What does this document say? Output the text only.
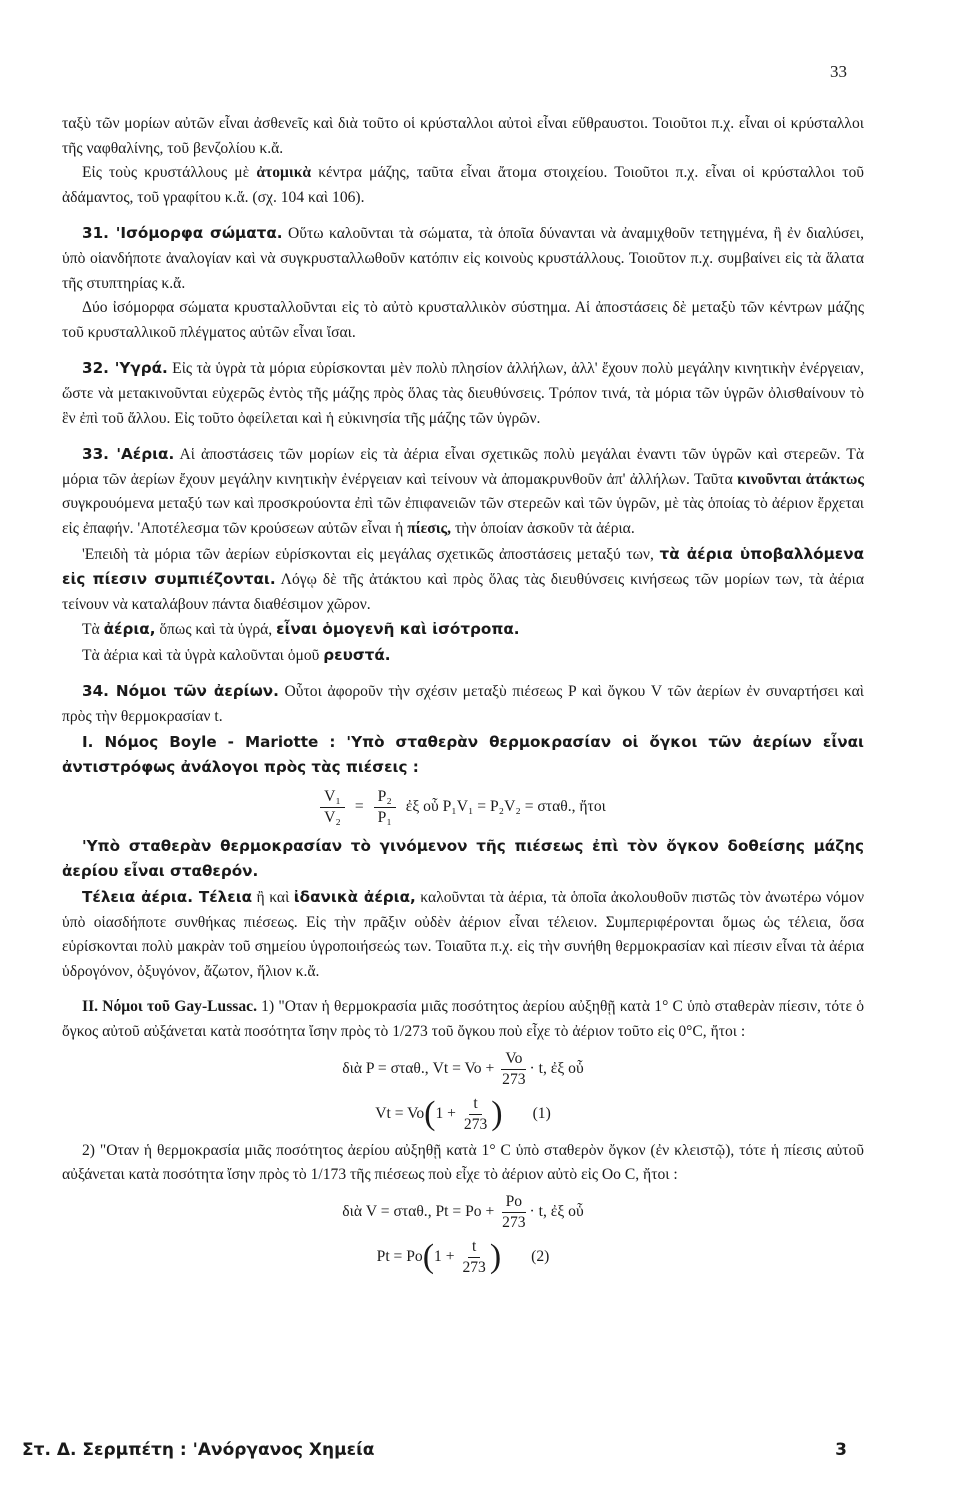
33

ταξὺ τῶν μορίων αὐτῶν εἶναι ἀσθενεῖς καὶ διὰ τοῦτο οἱ κρύσταλλοι αὐτοὶ εἶναι εὔθραυστοι. Τοιοῦτοι π.χ. εἶναι οἱ κρύσταλλοι τῆς ναφθαλίνης, τοῦ βενζολίου κ.ἄ.

Εἰς τοὺς κρυστάλλους μὲ ἀτομικὰ κέντρα μάζης, ταῦτα εἶναι ἄτομα στοιχείου. Τοιοῦτοι π.χ. εἶναι οἱ κρύσταλλοι τοῦ ἀδάμαντος, τοῦ γραφίτου κ.ἄ. (σχ. 104 καὶ 106).

31. 'Ισόμορφα σώματα. Οὕτω καλοῦνται τὰ σώματα, τὰ ὁποῖα δύνανται νὰ ἀναμιχθοῦν τετηγμένα, ἢ ἐν διαλύσει, ὑπὸ οἱανδήποτε ἀναλογίαν καὶ νὰ συγκρυσταλλωθοῦν κατόπιν εἰς κοινοὺς κρυστάλλους. Τοιοῦτον π.χ. συμβαίνει εἰς τὰ ἅλατα τῆς στυπτηρίας κ.ἄ.

Δύο ἰσόμορφα σώματα κρυσταλλοῦνται εἰς τὸ αὐτὸ κρυσταλλικὸν σύστημα. Αἱ ἀποστάσεις δὲ μεταξὺ τῶν κέντρων μάζης τοῦ κρυσταλλικοῦ πλέγματος αὐτῶν εἶναι ἴσαι.

32. 'Υγρά. Εἰς τὰ ὑγρὰ τὰ μόρια εὑρίσκονται μὲν πολὺ πλησίον ἀλλήλων, ἀλλ' ἔχουν πολὺ μεγάλην κινητικὴν ἐνέργειαν, ὥστε νὰ μετακινοῦνται εὐχερῶς ἐντὸς τῆς μάζης πρὸς ὅλας τὰς διευθύνσεις. Τρόπον τινά, τὰ μόρια τῶν ὑγρῶν ὀλισθαίνουν τὸ ἓν ἐπὶ τοῦ ἄλλου. Εἰς τοῦτο ὀφείλεται καὶ ἡ εὐκινησία τῆς μάζης τῶν ὑγρῶν.

33. 'Αέρια. Αἱ ἀποστάσεις τῶν μορίων εἰς τὰ ἀέρια εἶναι σχετικῶς πολὺ μεγάλαι ἐναντι τῶν ὑγρῶν καὶ στερεῶν. Τὰ μόρια τῶν ἀερίων ἔχουν μεγάλην κινητικὴν ἐνέργειαν καὶ τείνουν νὰ ἀπομακρυνθοῦν ἀπ' ἀλλήλων. Ταῦτα κινοῦνται ἀτάκτως συγκρουόμενα μεταξύ των καὶ προσκρούοντα ἐπὶ τῶν ἐπιφανειῶν τῶν στερεῶν καὶ τῶν ὑγρῶν, μὲ τὰς ὁποίας τὸ ἀέριον ἔρχεται εἰς ἐπαφήν. 'Αποτέλεσμα τῶν κρούσεων αὐτῶν εἶναι ἡ πίεσις, τὴν ὁποίαν ἀσκοῦν τὰ ἀέρια.

'Επειδὴ τὰ μόρια τῶν ἀερίων εὑρίσκονται εἰς μεγάλας σχετικῶς ἀποστάσεις μεταξύ των, τὰ ἀέρια ὑποβαλλόμενα εἰς πίεσιν συμπιέζονται. Λόγῳ δὲ τῆς ἀτάκτου καὶ πρὸς ὅλας τὰς διευθύνσεις κινήσεως τῶν μορίων των, τὰ ἀέρια τείνουν νὰ καταλάβουν πάντα διαθέσιμον χῶρον.

Τὰ ἀέρια, ὅπως καὶ τὰ ὑγρά, εἶναι ὁμογενῆ καὶ ἰσότροπα.

Τὰ ἀέρια καὶ τὰ ὑγρὰ καλοῦνται ὁμοῦ ρευστά.

34. Νόμοι τῶν ἀερίων. Οὗτοι ἀφοροῦν τὴν σχέσιν μεταξὺ πιέσεως P καὶ ὄγκου V τῶν ἀερίων ἐν συναρτήσει καὶ πρὸς τὴν θερμοκρασίαν t.

I. Νόμος Boyle - Mariotte : 'Υπὸ σταθερὰν θερμοκρασίαν οἱ ὄγκοι τῶν ἀερίων εἶναι ἀντιστρόφως ἀνάλογοι πρὸς τὰς πιέσεις :

$\frac{\text{V₁}}{\text{V₂}} = \frac{\text{P₂}}{\text{P₁}}$ ἐξ οὗ P₁V₁ = P₂V₂ = σταθ., ἤτοι

'Υπὸ σταθερὰν θερμοκρασίαν τὸ γινόμενον τῆς πιέσεως ἐπὶ τὸν ὄγκον δοθείσης μάζης ἀερίου εἶναι σταθερόν.

Τέλεια ἀέρια. Τέλεια ἢ καὶ ἰδανικὰ ἀέρια, καλοῦνται τὰ ἀέρια, τὰ ὁποῖα ἀκολουθοῦν πιστῶς τὸν ἀνωτέρω νόμον ὑπὸ οἱασδήποτε συνθήκας πιέσεως. Εἰς τὴν πρᾶξιν οὐδὲν ἀέριον εἶναι τέλειον. Συμπεριφέρονται ὅμως ὡς τέλεια, ὅσα εὑρίσκονται πολὺ μακρὰν τοῦ σημείου ὑγροποιήσεώς των. Τοιαῦτα π.χ. εἰς τὴν συνήθη θερμοκρασίαν καὶ πίεσιν εἶναι τὰ ἀέρια ὑδρογόνον, ὀξυγόνον, ἄζωτον, ἥλιον κ.ἄ.

II. Νόμοι τοῦ Gay-Lussac. 1) "Οταν ἡ θερμοκρασία μιᾶς ποσότητος ἀερίου αὐξηθῇ κατὰ 1° C ὑπὸ σταθερὰν πίεσιν, τότε ὁ ὄγκος αὐτοῦ αὐξάνεται κατὰ ποσότητα ἴσην πρὸς τὸ 1/273 τοῦ ὄγκου ποὺ εἶχε τὸ ἀέριον τοῦτο εἰς 0°C, ἤτοι :

διὰ P = σταθ., Vt = Vo +
$\frac{Vo}{273} \cdot t$, ἐξ οὗ
Vt = Vo ( 1 +
$\frac{t}{273}$ ) (1)

2) "Οταν ἡ θερμοκρασία μιᾶς ποσότητος ἀερίου αὐξηθῇ κατὰ 1° C ὑπὸ σταθερὸν ὄγκον (ἐν κλειστῷ), τότε ἡ πίεσις αὐτοῦ αὐξάνεται κατὰ ποσότητα ἴσην πρὸς τὸ 1/173 τῆς πιέσεως ποὺ εἶχε τὸ ἀέριον αὐτὸ εἰς Oo C, ἤτοι :

διὰ V = σταθ., Pt = Po +
$\frac{Po}{273} \cdot t$, ἐξ οὗ
Pt = Po ( 1 +
$\frac{t}{273}$ ) (2)
Στ. Δ. Σερμπέτη : 'Ανόργανος Χημεία	3
